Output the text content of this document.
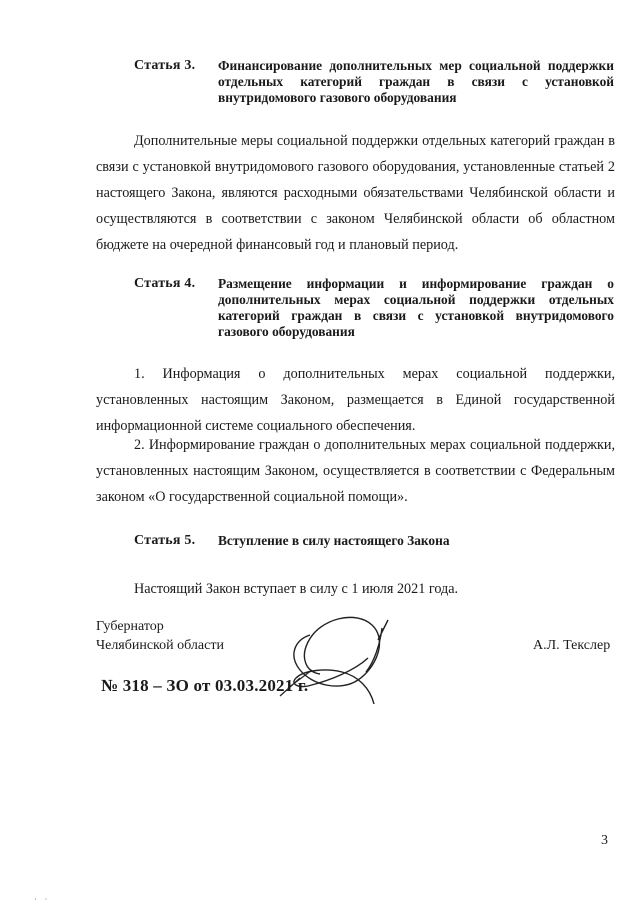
Статья 3. Финансирование дополнительных мер социальной поддержки отдельных категорий граждан в связи с установкой внутридомового газового оборудования
Дополнительные меры социальной поддержки отдельных категорий граждан в связи с установкой внутридомового газового оборудования, установленные статьей 2 настоящего Закона, являются расходными обязательствами Челябинской области и осуществляются в соответствии с законом Челябинской области об областном бюджете на очередной финансовый год и плановый период.
Статья 4. Размещение информации и информирование граждан о дополнительных мерах социальной поддержки отдельных категорий граждан в связи с установкой внутридомового газового оборудования
1. Информация о дополнительных мерах социальной поддержки, установленных настоящим Законом, размещается в Единой государственной информационной системе социального обеспечения.
2. Информирование граждан о дополнительных мерах социальной поддержки, установленных настоящим Законом, осуществляется в соответствии с Федеральным законом «О государственной социальной помощи».
Статья 5. Вступление в силу настоящего Закона
Настоящий Закон вступает в силу с 1 июля 2021 года.
Губернатор
Челябинской области	А.Л. Текслер
№ 318 – ЗО от 03.03.2021 г.
3
·    ·
